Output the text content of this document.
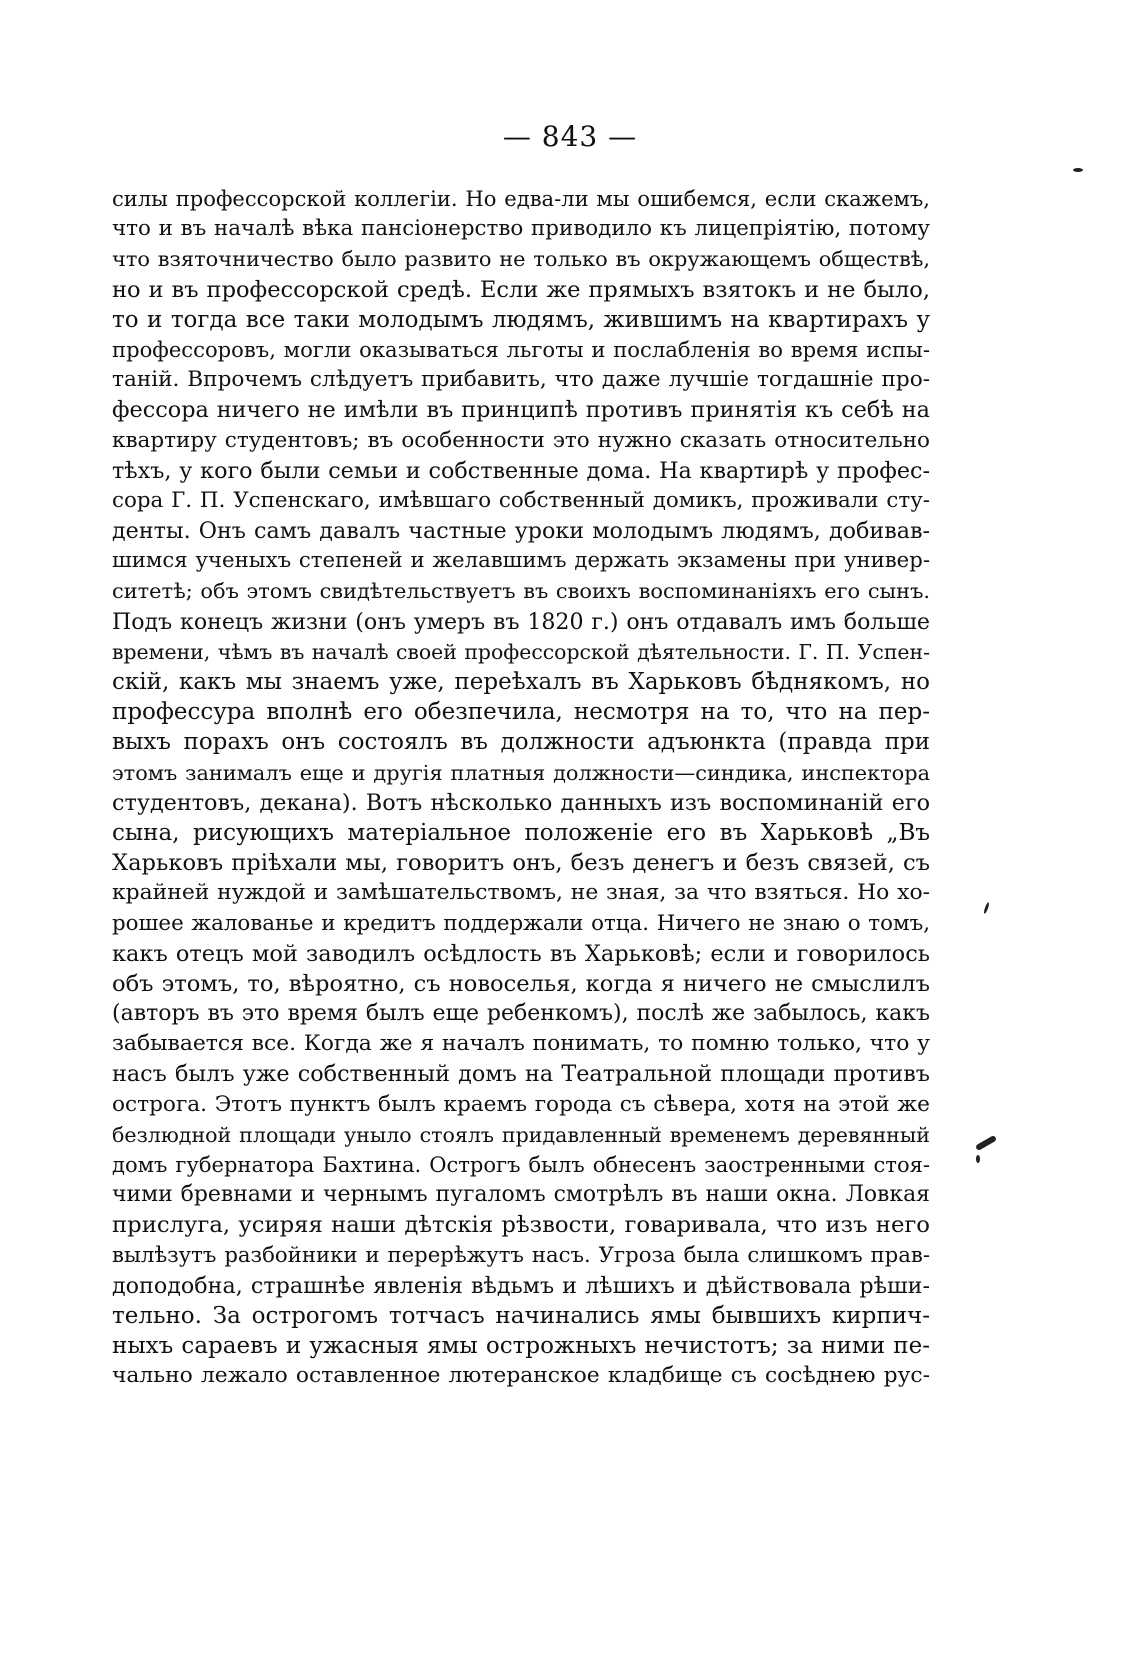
— 843 —
силы профессорской коллегіи. Но едва-ли мы ошибемся, если скажемъ,
что и въ началѣ вѣка пансіонерство приводило къ лицепріятію, потому
что взяточничество было развито не только въ окружающемъ обществѣ,
но и въ профессорской средѣ. Если же прямыхъ взятокъ и не было,
то и тогда все таки молодымъ людямъ, жившимъ на квартирахъ у
профессоровъ, могли оказываться льготы и послабленія во время испы-
таній. Впрочемъ слѣдуетъ прибавить, что даже лучшіе тогдашніе про-
фессора ничего не имѣли въ принципѣ противъ принятія къ себѣ на
квартиру студентовъ; въ особенности это нужно сказать относительно
тѣхъ, у кого были семьи и собственные дома. На квартирѣ у профес-
сора Г. П. Успенскаго, имѣвшаго собственный домикъ, проживали сту-
денты. Онъ самъ давалъ частные уроки молодымъ людямъ, добивав-
шимся ученыхъ степеней и желавшимъ держать экзамены при универ-
ситетѣ; объ этомъ свидѣтельствуетъ въ своихъ воспоминаніяхъ его сынъ.
Подъ конецъ жизни (онъ умеръ въ 1820 г.) онъ отдавалъ имъ больше
времени, чѣмъ въ началѣ своей профессорской дѣятельности. Г. П. Успен-
скій, какъ мы знаемъ уже, переѣхалъ въ Харьковъ бѣднякомъ, но
профессура вполнѣ его обезпечила, несмотря на то, что на пер-
выхъ порахъ онъ состоялъ въ должности адъюнкта (правда при
этомъ занималъ еще и другія платныя должности—синдика, инспектора
студентовъ, декана). Вотъ нѣсколько данныхъ изъ воспоминаній его
сына, рисующихъ матеріальное положеніе его въ Харьковѣ „Въ
Харьковъ пріѣхали мы, говоритъ онъ, безъ денегъ и безъ связей, съ
крайней нуждой и замѣшательствомъ, не зная, за что взяться. Но хо-
рошее жалованье и кредитъ поддержали отца. Ничего не знаю о томъ,
какъ отецъ мой заводилъ осѣдлость въ Харьковѣ; если и говорилось
объ этомъ, то, вѣроятно, съ новоселья, когда я ничего не смыслилъ
(авторъ въ это время былъ еще ребенкомъ), послѣ же забылось, какъ
забывается все. Когда же я началъ понимать, то помню только, что у
насъ былъ уже собственный домъ на Театральной площади противъ
острога. Этотъ пунктъ былъ краемъ города съ сѣвера, хотя на этой же
безлюдной площади уныло стоялъ придавленный временемъ деревянный
домъ губернатора Бахтина. Острогъ былъ обнесенъ заостренными стоя-
чими бревнами и чернымъ пугаломъ смотрѣлъ въ наши окна. Ловкая
прислуга, усиряя наши дѣтскія рѣзвости, говаривала, что изъ него
вылѣзутъ разбойники и перерѣжутъ насъ. Угроза была слишкомъ прав-
доподобна, страшнѣе явленія вѣдьмъ и лѣшихъ и дѣйствовала рѣши-
тельно. За острогомъ тотчасъ начинались ямы бывшихъ кирпич-
ныхъ сараевъ и ужасныя ямы острожныхъ нечистотъ; за ними пе-
чально лежало оставленное лютеранское кладбище съ сосѣднею рус-
